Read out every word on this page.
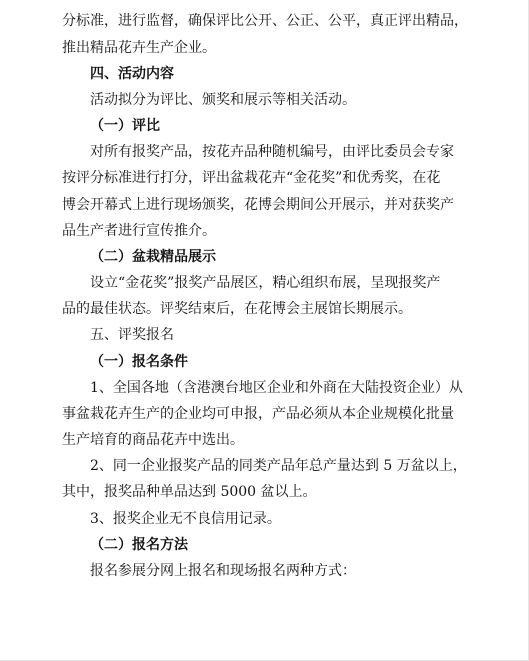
分标准，进行监督，确保评比公开、公正、公平，真正评出精品，
推出精品花卉生产企业。
四、活动内容
活动拟分为评比、颁奖和展示等相关活动。
（一）评比
对所有报奖产品，按花卉品种随机编号，由评比委员会专家
按评分标准进行打分，评出盆栽花卉“金花奖”和优秀奖，在花
博会开幕式上进行现场颁奖，花博会期间公开展示，并对获奖产
品生产者进行宣传推介。
（二）盆栽精品展示
设立“金花奖”报奖产品展区，精心组织布展，呈现报奖产
品的最佳状态。评奖结束后，在花博会主展馆长期展示。
五、评奖报名
（一）报名条件
1、全国各地（含港澳台地区企业和外商在大陆投资企业）从
事盆栽花卉生产的企业均可申报，产品必须从本企业规模化批量
生产培育的商品花卉中选出。
2、同一企业报奖产品的同类产品年总产量达到 5 万盆以上，
其中，报奖品种单品达到 5000 盆以上。
3、报奖企业无不良信用记录。
（二）报名方法
报名参展分网上报名和现场报名两种方式：
